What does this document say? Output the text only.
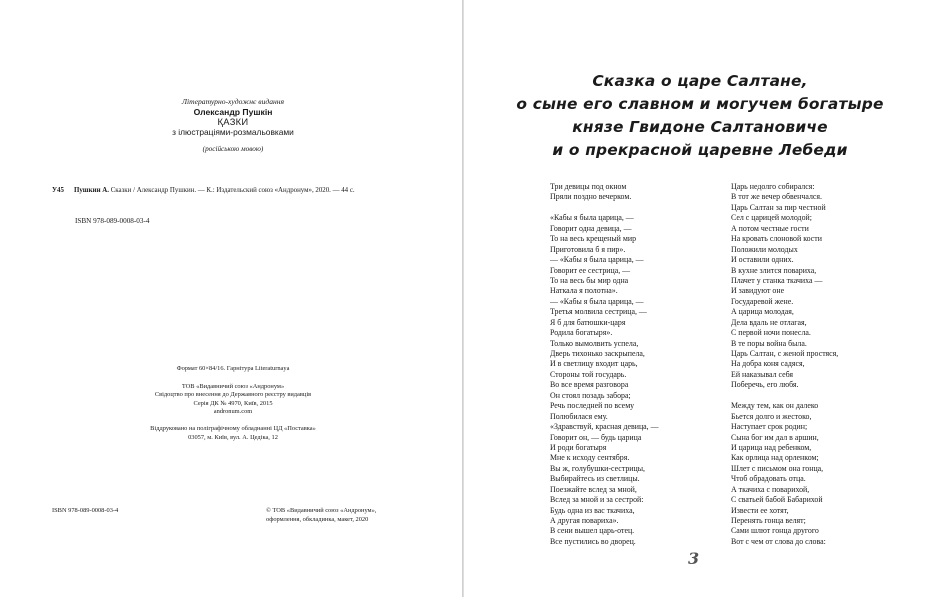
Літературно-художнє видання
Олександр Пушкін
ҚАЗКИ
з ілюстраціями-розмальовками
(російською мовою)
У45 Пушкин А. Сказки / Александр Пушкин. — К.: Издательский союз «Андронум», 2020. — 44 с.
ISBN 978-089-0008-03-4
Формат 60×84/16. Гарнітура Literaturnaya
ТОВ «Видавничий союз «Андронум»
Свідоцтво про внесення до Державного реєстру видавців
Серія ДК № 4970, Київ, 2015
andronum.com
Віддруковано на поліграфічному обладнанні ЦД «Поставка»
03057, м. Київ, вул. А. Цедіка, 12
ISBN 978-089-0008-03-4	© ТОВ «Видавничий союз «Андронум»,
оформлення, обкладинка, макет, 2020
Сказка о царе Салтане,
о сыне его славном и могучем богатыре
князе Гвидоне Салтановиче
и о прекрасной царевне Лебеди
Три девицы под окном
Пряли поздно вечерком.
«Кабы я была царица, —
Говорит одна девица, —
То на весь крещеный мир
Приготовила б я пир».
— «Кабы я была царица, —
Говорит ее сестрица, —
То на весь бы мир одна
Наткала я полотна».
— «Кабы я была царица, —
Третья молвила сестрица, —
Я б для батюшки-царя
Родила богатыря».
Только вымолвить успела,
Дверь тихонько заскрыпела,
И в светлицу входит царь,
Стороны той государь.
Во все время разговора
Он стоял позадь забора;
Речь последней по всему
Полюбилася ему.
«Здравствуй, красная девица, —
Говорит он, — будь царица
И роди богатыря
Мне к исходу сентября.
Вы ж, голубушки-сестрицы,
Выбирайтесь из светлицы.
Поезжайте вслед за мной,
Вслед за мной и за сестрой:
Будь одна из вас ткачиха,
А другая повариха».
В сени вышел царь-отец.
Все пустились во дворец.
Царь недолго собирался:
В тот же вечер обвенчался.
Царь Салтан за пир честной
Сел с царицей молодой;
А потом честные гости
На кровать слоновой кости
Положили молодых
И оставили одних.
В кухне злится повариха,
Плачет у станка ткачиха —
И завидуют оне
Государевой жене.
А царица молодая,
Дела вдаль не отлагая,
С первой ночи понесла.
В те поры война была.
Царь Салтан, с женой простяся,
На добра коня садяся,
Ей наказывал себя
Поберечь, его любя.
Между тем, как он далеко
Бьется долго и жестоко,
Наступает срок родин;
Сына бог им дал в аршин,
И царица над ребенком,
Как орлица над орленком;
Шлет с письмом она гонца,
Чтоб обрадовать отца.
А ткачиха с поварихой,
С сватьей бабой Бабарихой
Извести ее хотят,
Перенять гонца велят;
Сами шлют гонца другого
Вот с чем от слова до слова:
3
